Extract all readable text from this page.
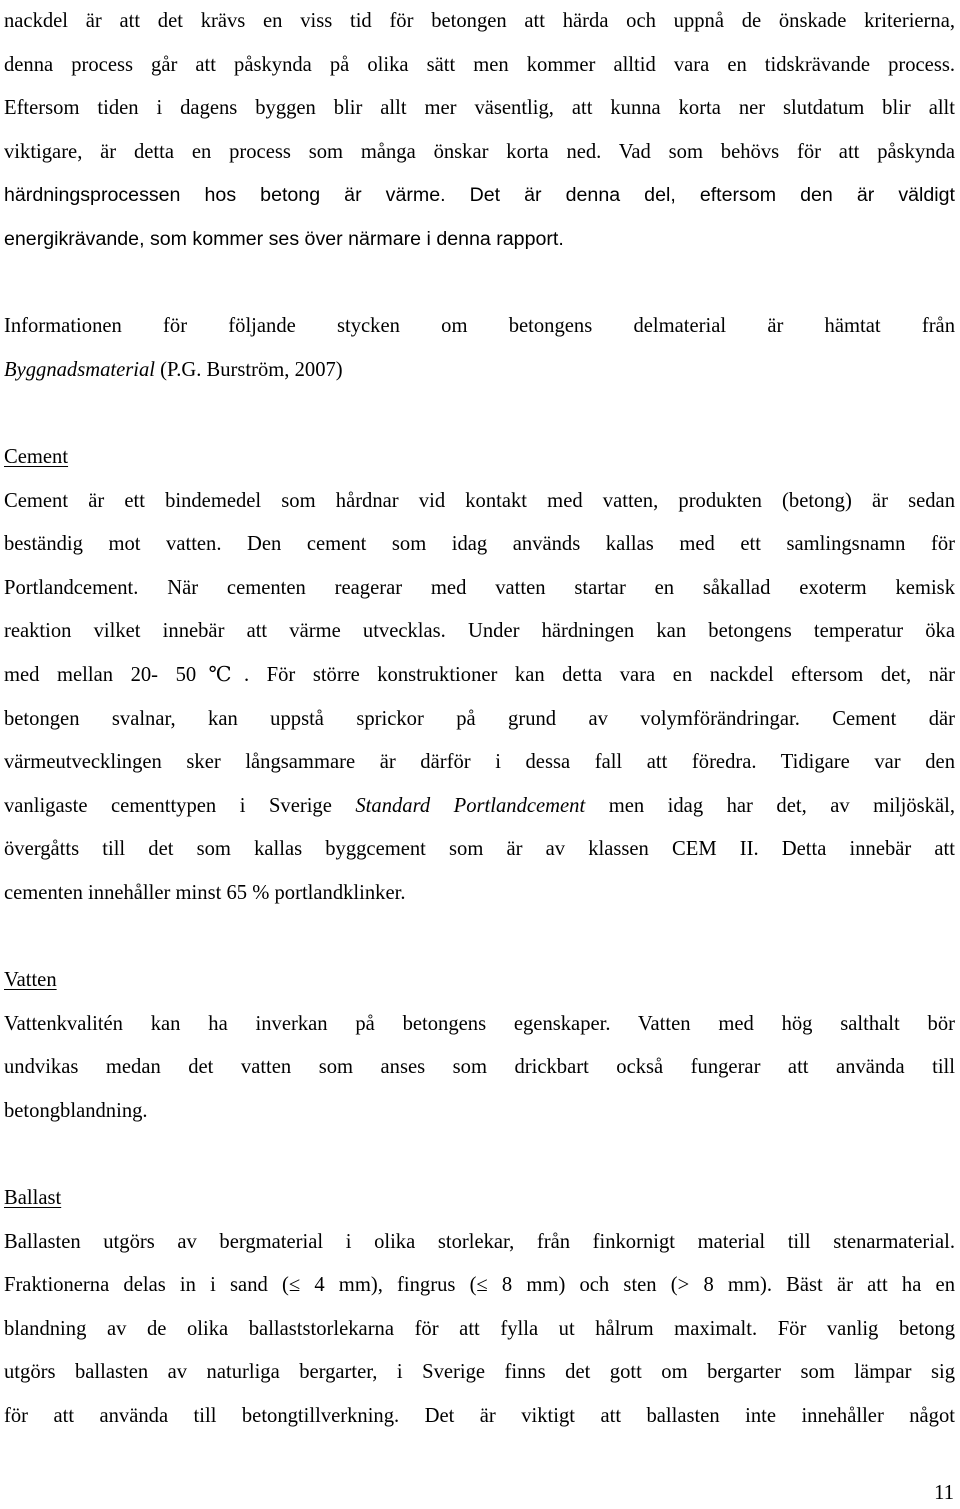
nackdel är att det krävs en viss tid för betongen att härda och uppnå de önskade kriterierna,
denna process går att påskynda på olika sätt men kommer alltid vara en tidskrävande process.
Eftersom tiden i dagens byggen blir allt mer väsentlig, att kunna korta ner slutdatum blir allt
viktigare, är detta en process som många önskar korta ned. Vad som behövs för att påskynda
härdningsprocessen hos betong är värme. Det är denna del, eftersom den är väldigt
energikrävande, som kommer ses över närmare i denna rapport.
Informationen för följande stycken om betongens delmaterial är hämtat från
Byggnadsmaterial (P.G. Burström, 2007)
Cement
Cement är ett bindemedel som hårdnar vid kontakt med vatten, produkten (betong) är sedan
beständig mot vatten. Den cement som idag används kallas med ett samlingsnamn för
Portlandcement. När cementen reagerar med vatten startar en såkallad exoterm kemisk
reaktion vilket innebär att värme utvecklas. Under härdningen kan betongens temperatur öka
med mellan 20- 50℃. För större konstruktioner kan detta vara en nackdel eftersom det, när
betongen svalnar, kan uppstå sprickor på grund av volymförändringar. Cement där
värmeutvecklingen sker långsammare är därför i dessa fall att föredra. Tidigare var den
vanligaste cementtypen i Sverige Standard Portlandcement men idag har det, av miljöskäl,
övergåtts till det som kallas byggcement som är av klassen CEM II. Detta innebär att
cementen innehåller minst 65 % portlandklinker.
Vatten
Vattenkvalitén kan ha inverkan på betongens egenskaper. Vatten med hög salthalt bör
undvikas medan det vatten som anses som drickbart också fungerar att använda till
betongblandning.
Ballast
Ballasten utgörs av bergmaterial i olika storlekar, från finkornigt material till stenarmaterial.
Fraktionerna delas in i sand (≤ 4 mm), fingrus (≤ 8 mm) och sten (> 8 mm). Bäst är att ha en
blandning av de olika ballaststorlekarna för att fylla ut hålrum maximalt. För vanlig betong
utgörs ballasten av naturliga bergarter, i Sverige finns det gott om bergarter som lämpar sig
för att använda till betongtillverkning. Det är viktigt att ballasten inte innehåller något
11
